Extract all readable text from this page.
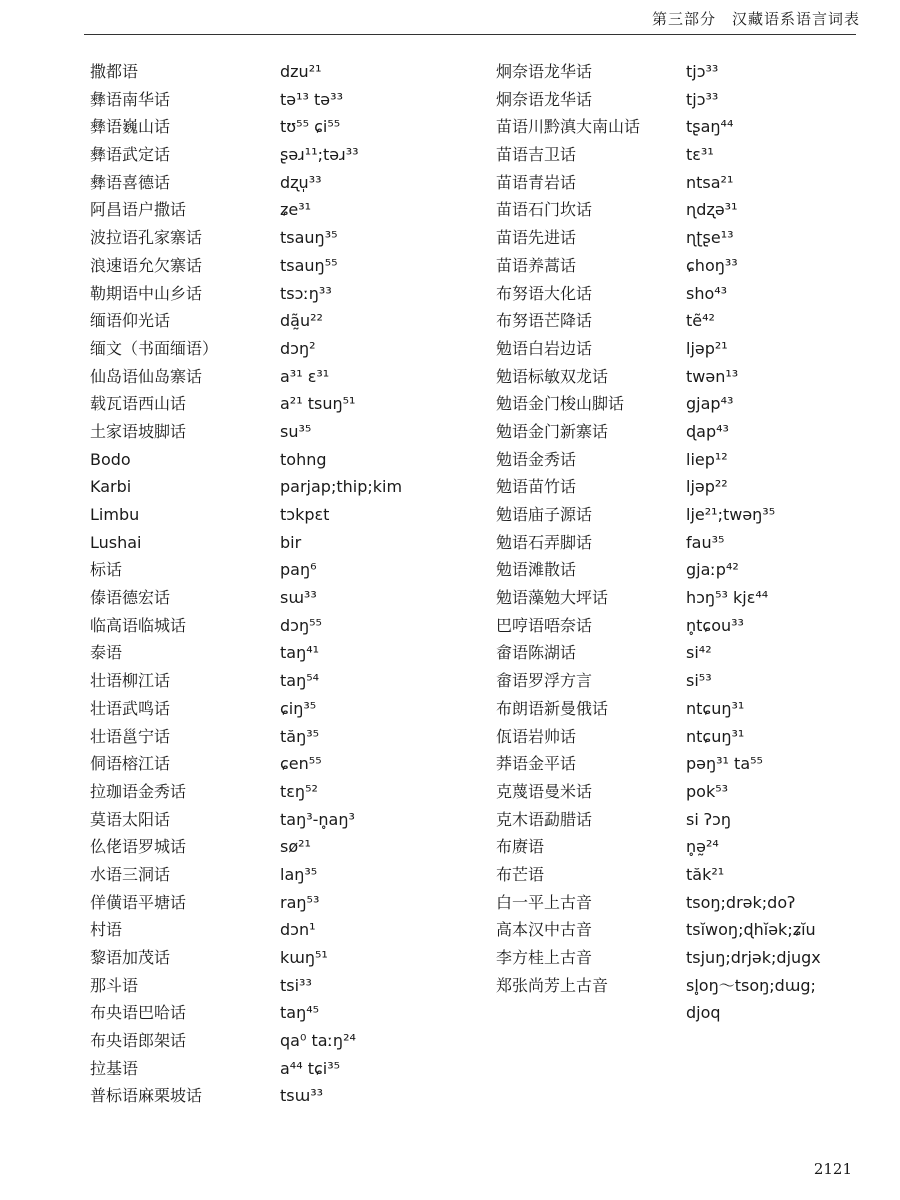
第三部分　汉藏语系语言词表
撒都语	dzu²¹
彝语南华话	tə¹³ tə³³
彝语巍山话	tʊ⁵⁵ ɕi⁵⁵
彝语武定话	ʂəɹ¹¹;təɹ³³
彝语喜德话	dʐu̩³³
阿昌语户撒话	ʑe³¹
波拉语孔家寨话	tsauŋ³⁵
浪速语允欠寨话	tsauŋ⁵⁵
勒期语中山乡话	tsɔːŋ³³
缅语仰光话	dã̰u²²
缅文（书面缅语）	dɔŋ²
仙岛语仙岛寨话	a³¹ ɛ³¹
载瓦语西山话	a²¹ tsuŋ⁵¹
土家语坡脚话	su³⁵
Bodo	tohng
Karbi	parjap;thip;kim
Limbu	tɔkpɛt
Lushai	bir
标话	paŋ⁶
傣语德宏话	sɯ³³
临高语临城话	dɔŋ⁵⁵
泰语	taŋ⁴¹
壮语柳江话	taŋ⁵⁴
壮语武鸣话	ɕiŋ³⁵
壮语邕宁话	tăŋ³⁵
侗语榕江话	ɕen⁵⁵
拉珈语金秀话	tɛŋ⁵²
莫语太阳话	taŋ³-n̥aŋ³
仫佬语罗城话	sø²¹
水语三洞话	laŋ³⁵
佯僙语平塘话	raŋ⁵³
村语	dɔn¹
黎语加茂话	kɯŋ⁵¹
那斗语	tsi³³
布央语巴哈话	taŋ⁴⁵
布央语郎架话	qa⁰ taːŋ²⁴
拉基语	a⁴⁴ tɕi³⁵
普标语麻栗坡话	tsɯ³³
炯奈语龙华话	tjɔ³³
炯奈语龙华话	tjɔ³³
苗语川黔滇大南山话	tʂaŋ⁴⁴
苗语吉卫话	tɛ³¹
苗语青岩话	ntsa²¹
苗语石门坎话	ɳdʐə³¹
苗语先进话	ɳʈʂe¹³
苗语养蒿话	ɕhoŋ³³
布努语大化话	sho⁴³
布努语芒降话	tẽ⁴²
勉语白岩边话	ljəp²¹
勉语标敏双龙话	twən¹³
勉语金门梭山脚话	gjap⁴³
勉语金门新寨话	ɖap⁴³
勉语金秀话	liep¹²
勉语苗竹话	ljəp²²
勉语庙子源话	lje²¹;twəŋ³⁵
勉语石弄脚话	fau³⁵
勉语滩散话	gjaːp⁴²
勉语藻勉大坪话	hɔŋ⁵³ kjɛ⁴⁴
巴哼语唔奈话	n̥tɕou³³
畲语陈湖话	si⁴²
畲语罗浮方言	si⁵³
布朗语新曼俄话	ntɕuŋ³¹
佤语岩帅话	ntɕuŋ³¹
莽语金平话	pəŋ³¹ ta⁵⁵
克蔑语曼米话	pok⁵³
克木语勐腊话	si ʔɔŋ
布赓语	n̥ə̰²⁴
布芒语	tăk²¹
白一平上古音	tsoŋ;drək;doʔ
高本汉中古音	tsĭwoŋ;ɖhĭək;ʑĭu
李方桂上古音	tsjuŋ;drjək;djugx
郑张尚芳上古音	sl̥oŋ～tsoŋ;dɯg;
djoq
2121
